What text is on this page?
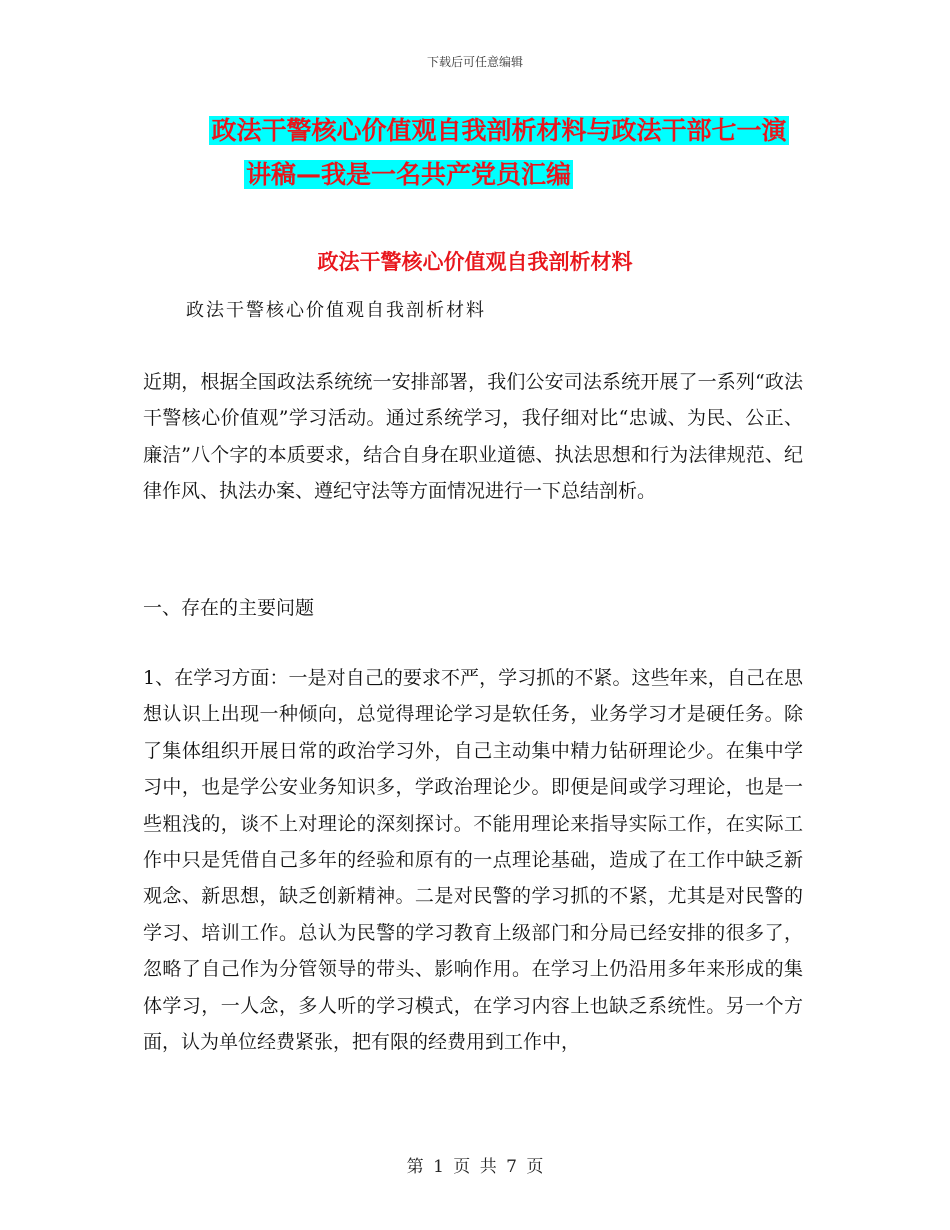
下载后可任意编辑
政法干警核心价值观自我剖析材料与政法干部七一演
讲稿—我是一名共产党员汇编
政法干警核心价值观自我剖析材料
政法干警核心价值观自我剖析材料

近期，根据全国政法系统统一安排部署，我们公安司法系统开展了一系列“政法干警核心价值观”学习活动。通过系统学习，我仔细对比“忠诚、为民、公正、廉洁”八个字的本质要求，结合自身在职业道德、执法思想和行为法律规范、纪律作风、执法办案、遵纪守法等方面情况进行一下总结剖析。

一、存在的主要问题

1、在学习方面：一是对自己的要求不严，学习抓的不紧。这些年来，自己在思想认识上出现一种倾向，总觉得理论学习是软任务，业务学习才是硬任务。除了集体组织开展日常的政治学习外，自己主动集中精力钻研理论少。在集中学习中，也是学公安业务知识多，学政治理论少。即便是间或学习理论，也是一些粗浅的，谈不上对理论的深刻探讨。不能用理论来指导实际工作，在实际工作中只是凭借自己多年的经验和原有的一点理论基础，造成了在工作中缺乏新观念、新思想，缺乏创新精神。二是对民警的学习抓的不紧，尤其是对民警的学习、培训工作。总认为民警的学习教育上级部门和分局已经安排的很多了，忽略了自己作为分管领导的带头、影响作用。在学习上仍沿用多年来形成的集体学习，一人念，多人听的学习模式，在学习内容上也缺乏系统性。另一个方面，认为单位经费紧张，把有限的经费用到工作中，

第 1 页 共 7 页
